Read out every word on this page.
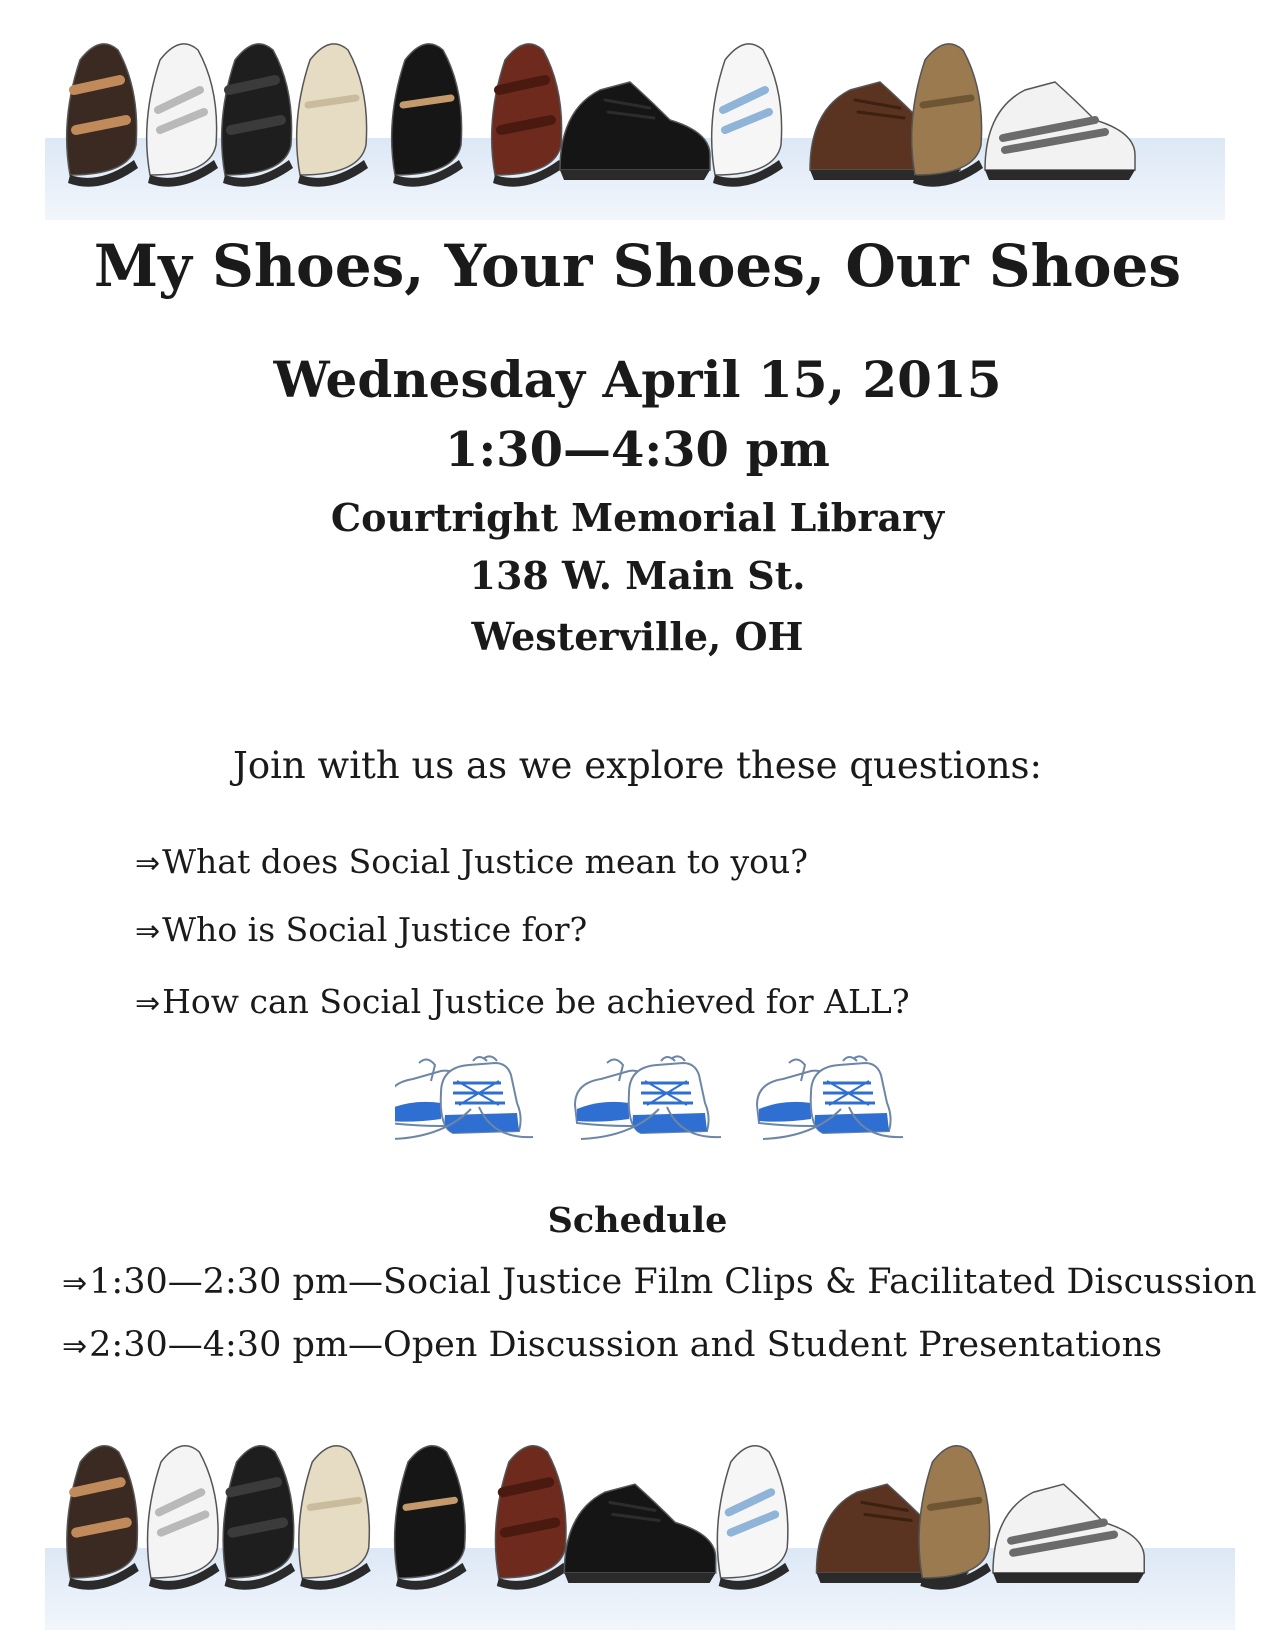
My Shoes, Your Shoes, Our Shoes
Wednesday April 15, 2015
1:30—4:30 pm
Courtright Memorial Library
138 W. Main St.
Westerville, OH
Join with us as we explore these questions:
⇒What does Social Justice mean to you?
⇒Who is Social Justice for?
⇒How can Social Justice be achieved for ALL?
Schedule
⇒1:30—2:30 pm—Social Justice Film Clips & Facilitated Discussion
⇒2:30—4:30 pm—Open Discussion and Student Presentations
